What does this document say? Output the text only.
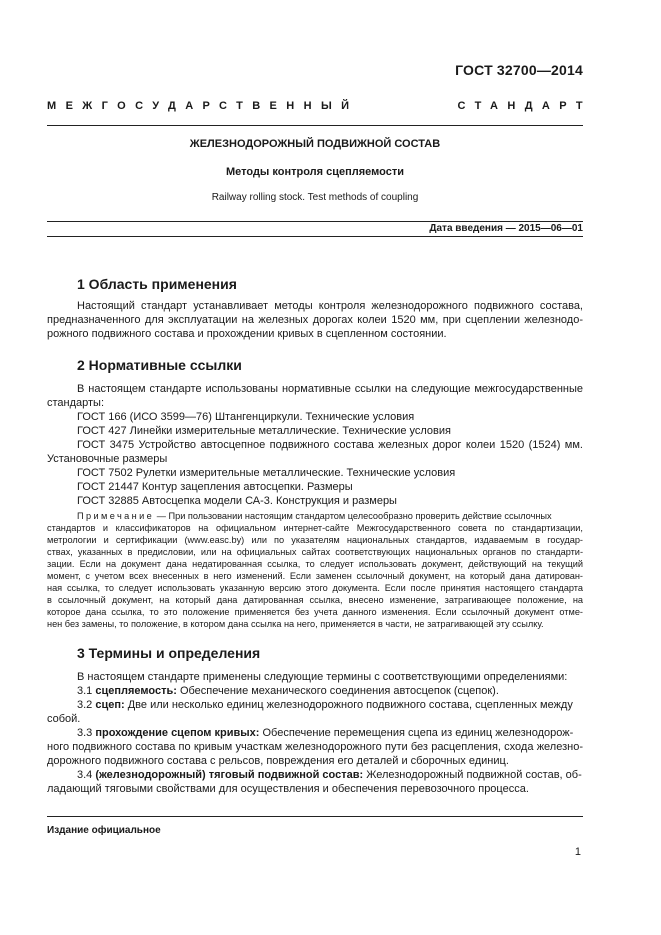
ГОСТ 32700—2014
МЕЖГОСУДАРСТВЕННЫЙ	СТАНДАРТ
ЖЕЛЕЗНОДОРОЖНЫЙ ПОДВИЖНОЙ СОСТАВ
Методы контроля сцепляемости
Railway rolling stock. Test methods of coupling
Дата введения — 2015—06—01
1 Область применения
Настоящий стандарт устанавливает методы контроля железнодорожного подвижного состава,
предназначенного для эксплуатации на железных дорогах колеи 1520 мм, при сцеплении железнодо-
рожного подвижного состава и прохождении кривых в сцепленном состоянии.
2 Нормативные ссылки
В настоящем стандарте использованы нормативные ссылки на следующие межгосударственные
стандарты:
ГОСТ 166 (ИСО 3599—76) Штангенциркули. Технические условия
ГОСТ 427 Линейки измерительные металлические. Технические условия
ГОСТ 3475 Устройство автосцепное подвижного состава железных дорог колеи 1520 (1524) мм.
Установочные размеры
ГОСТ 7502 Рулетки измерительные металлические. Технические условия
ГОСТ 21447 Контур зацепления автосцепки. Размеры
ГОСТ 32885 Автосцепка модели СА-3. Конструкция и размеры
Примечание — При пользовании настоящим стандартом целесообразно проверить действие ссылочных
стандартов и классификаторов на официальном интернет-сайте Межгосударственного совета по стандартизации,
метрологии и сертификации (www.easc.by) или по указателям национальных стандартов, издаваемым в государ-
ствах, указанных в предисловии, или на официальных сайтах соответствующих национальных органов по стандарти-
зации. Если на документ дана недатированная ссылка, то следует использовать документ, действующий на текущий
момент, с учетом всех внесенных в него изменений. Если заменен ссылочный документ, на который дана датирован-
ная ссылка, то следует использовать указанную версию этого документа. Если после принятия настоящего стандарта
в ссылочный документ, на который дана датированная ссылка, внесено изменение, затрагивающее положение, на
которое дана ссылка, то это положение применяется без учета данного изменения. Если ссылочный документ отме-
нен без замены, то положение, в котором дана ссылка на него, применяется в части, не затрагивающей эту ссылку.
3 Термины и определения
В настоящем стандарте применены следующие термины с соответствующими определениями:
3.1 сцепляемость: Обеспечение механического соединения автосцепок (сцепок).
3.2 сцеп: Две или несколько единиц железнодорожного подвижного состава, сцепленных между
собой.
3.3 прохождение сцепом кривых: Обеспечение перемещения сцепа из единиц железнодорож-
ного подвижного состава по кривым участкам железнодорожного пути без расцепления, схода железно-
дорожного подвижного состава с рельсов, повреждения его деталей и сборочных единиц.
3.4 (железнодорожный) тяговый подвижной состав: Железнодорожный подвижной состав, об-
ладающий тяговыми свойствами для осуществления и обеспечения перевозочного процесса.
Издание официальное
1
